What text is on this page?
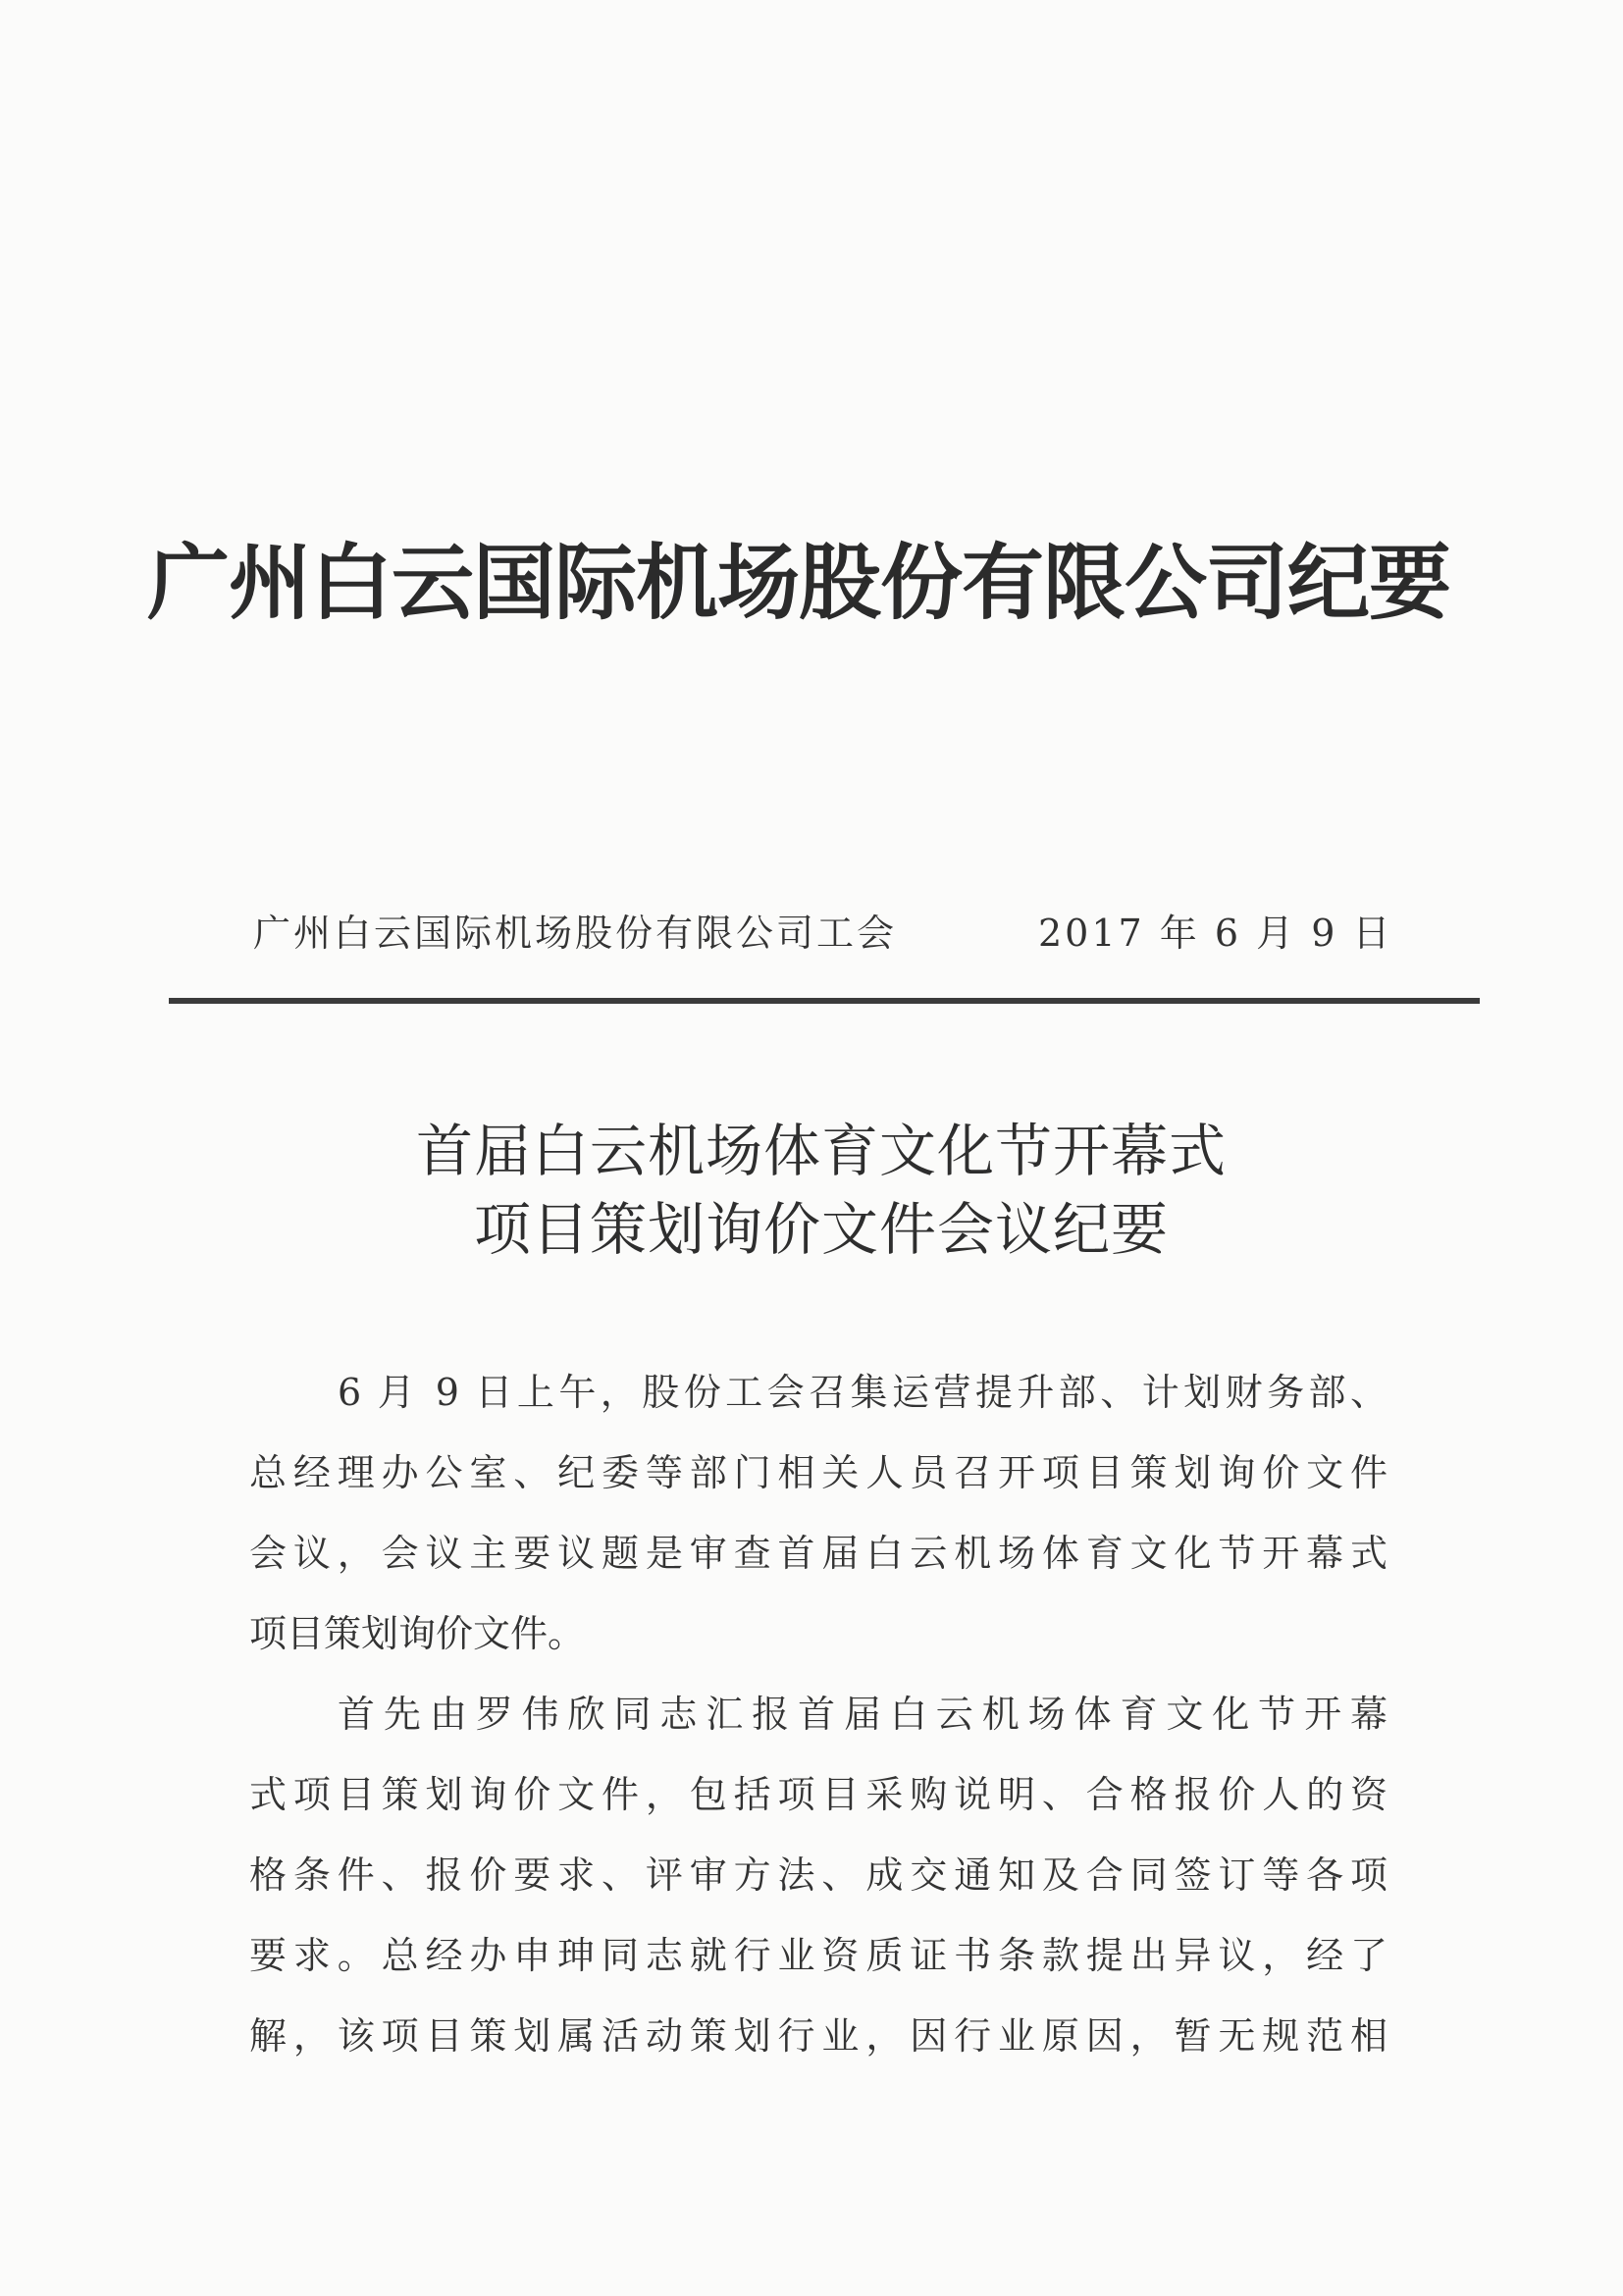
广州白云国际机场股份有限公司纪要
广州白云国际机场股份有限公司工会	2017 年 6 月 9 日
首届白云机场体育文化节开幕式
项目策划询价文件会议纪要
6 月 9 日上午，股份工会召集运营提升部、计划财务部、
总经理办公室、纪委等部门相关人员召开项目策划询价文件
会议，会议主要议题是审查首届白云机场体育文化节开幕式
项目策划询价文件。
首先由罗伟欣同志汇报首届白云机场体育文化节开幕
式项目策划询价文件，包括项目采购说明、合格报价人的资
格条件、报价要求、评审方法、成交通知及合同签订等各项
要求。总经办申珅同志就行业资质证书条款提出异议，经了
解，该项目策划属活动策划行业，因行业原因，暂无规范相
